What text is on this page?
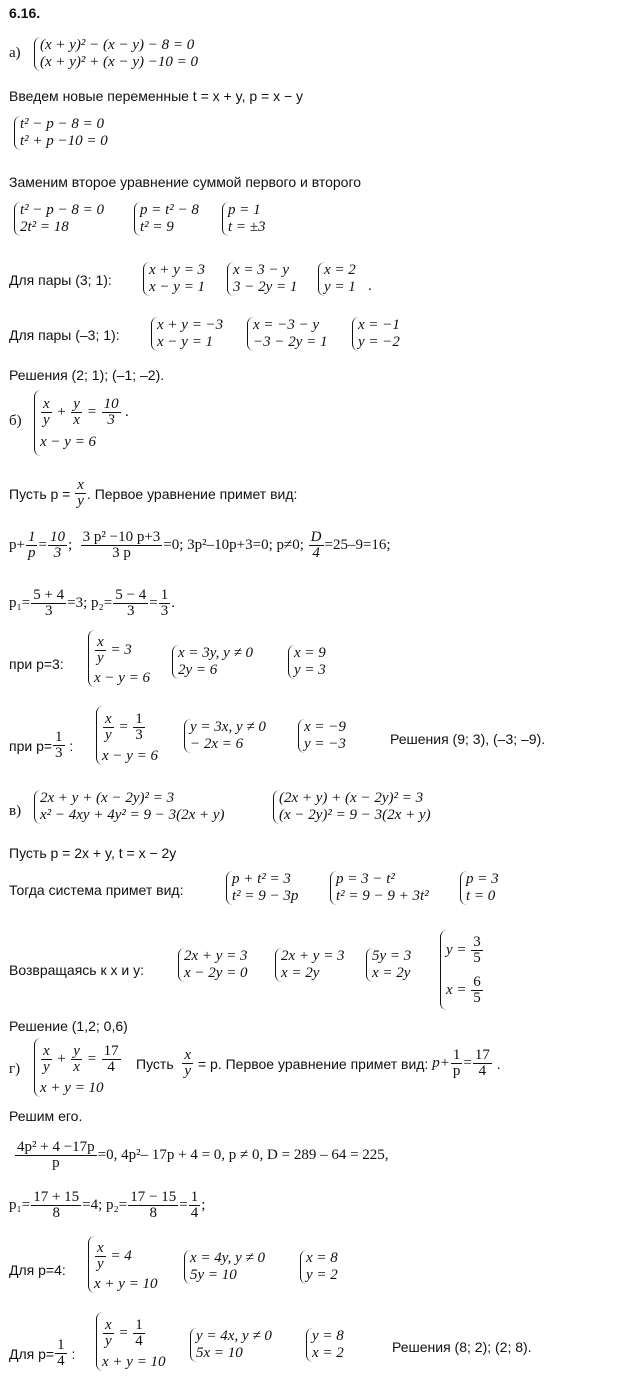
6.16.
а) (x + y)² − (x − y) − 8 = 0
(x + y)² + (x − y) −10 = 0
Введем новые переменные t = x + y, p = x − y
t² − p − 8 = 0
t² + p −10 = 0
Заменим второе уравнение суммой первого и второго
t² − p − 8 = 0
2t² = 18
p = t² − 8
t² = 9
p = 1
t = ±3
Для пары (3; 1):
x + y = 3
x − y = 1
x = 3 − y
3 − 2y = 1
x = 2
y = 1 .
Для пары (–3; 1):
x + y = −3
x − y = 1
x = −3 − y
−3 − 2y = 1
x = −1
y = −2
Решения (2; 1); (–1; –2).
б)
x
y + y
x = 10
3 .
x − y = 6
Пусть p =
$\frac{x}{y}$ . Первое уравнение примет вид:
$p+ \frac{1}{p} = \frac{10}{3}$ ;
$\frac{\text{3 p² −10 p+3}}{3 p} =0$; 3p²–10p+3=0; p≠0;
$\frac{D}{4} =25-9=16$;
$p_1= \frac{5 + 4}{3} =3$; $p_2= \frac{5 - 4}{3} = \frac{1}{3}$ .
при p=3: $\frac{x}{y}$
= 3
x − y = 6
x = 3y, y ≠ 0
2y = 6
x = 9
y = 3
при $p= \frac{1}{3}$ :
$\frac{x}{y}$
=
$\frac{1}{3}$
x − y = 6
y = 3x, y ≠ 0
− 2x = 6
x = −9
y = −3	Решения (9; 3), (–3; –9).
в)
2x + y + (x − 2y)² = 3
x² − 4xy + 4y² = 9 − 3(2x + y)
(2x + y) + (x − 2y)² = 3
(x − 2y)² = 9 − 3(2x + y)
Пусть p = 2x + y, t = x − 2y
Тогда система примет вид:
p + t² = 3
t² = 9 − 3p
p = 3 − t²
t² = 9 − 9 + 3t²
p = 3
t = 0
Возвращаясь к x и y:
2x + y = 3
x − 2y = 0
2x + y = 3
x = 2y
5y = 3
x = 2y
y =
$\frac{3}{5}$
x =
$\frac{6}{5}$
Решение (1,2; 0,6)
г)
x
y + y
x = 17
4
x + y = 10
Пусть
$\frac{x}{y}$
= p. Первое уравнение примет вид:
$p+ \frac{1}{p} = \frac{17}{4}$ .
Решим его.
$\frac{\text{4p² + 4 −17p}}{p} =0$, 4p²– 17p + 4 = 0, p ≠ 0, D = 289 – 64 = 225,
$p_1= \frac{17 + 15}{8} =4$; $p_2= \frac{17 - 15}{8} = \frac{1}{4}$ ;
Для p=4: $\frac{x}{y}$
= 4
x + y = 10
x = 4y, y ≠ 0
5y = 10
x = 8
y = 2
Для $p= \frac{1}{4}$ :
$\frac{x}{y}$
=
$\frac{1}{4}$
x + y = 10
y = 4x, y ≠ 0
5x = 10
y = 8
x = 2	Решения (8; 2); (2; 8).
